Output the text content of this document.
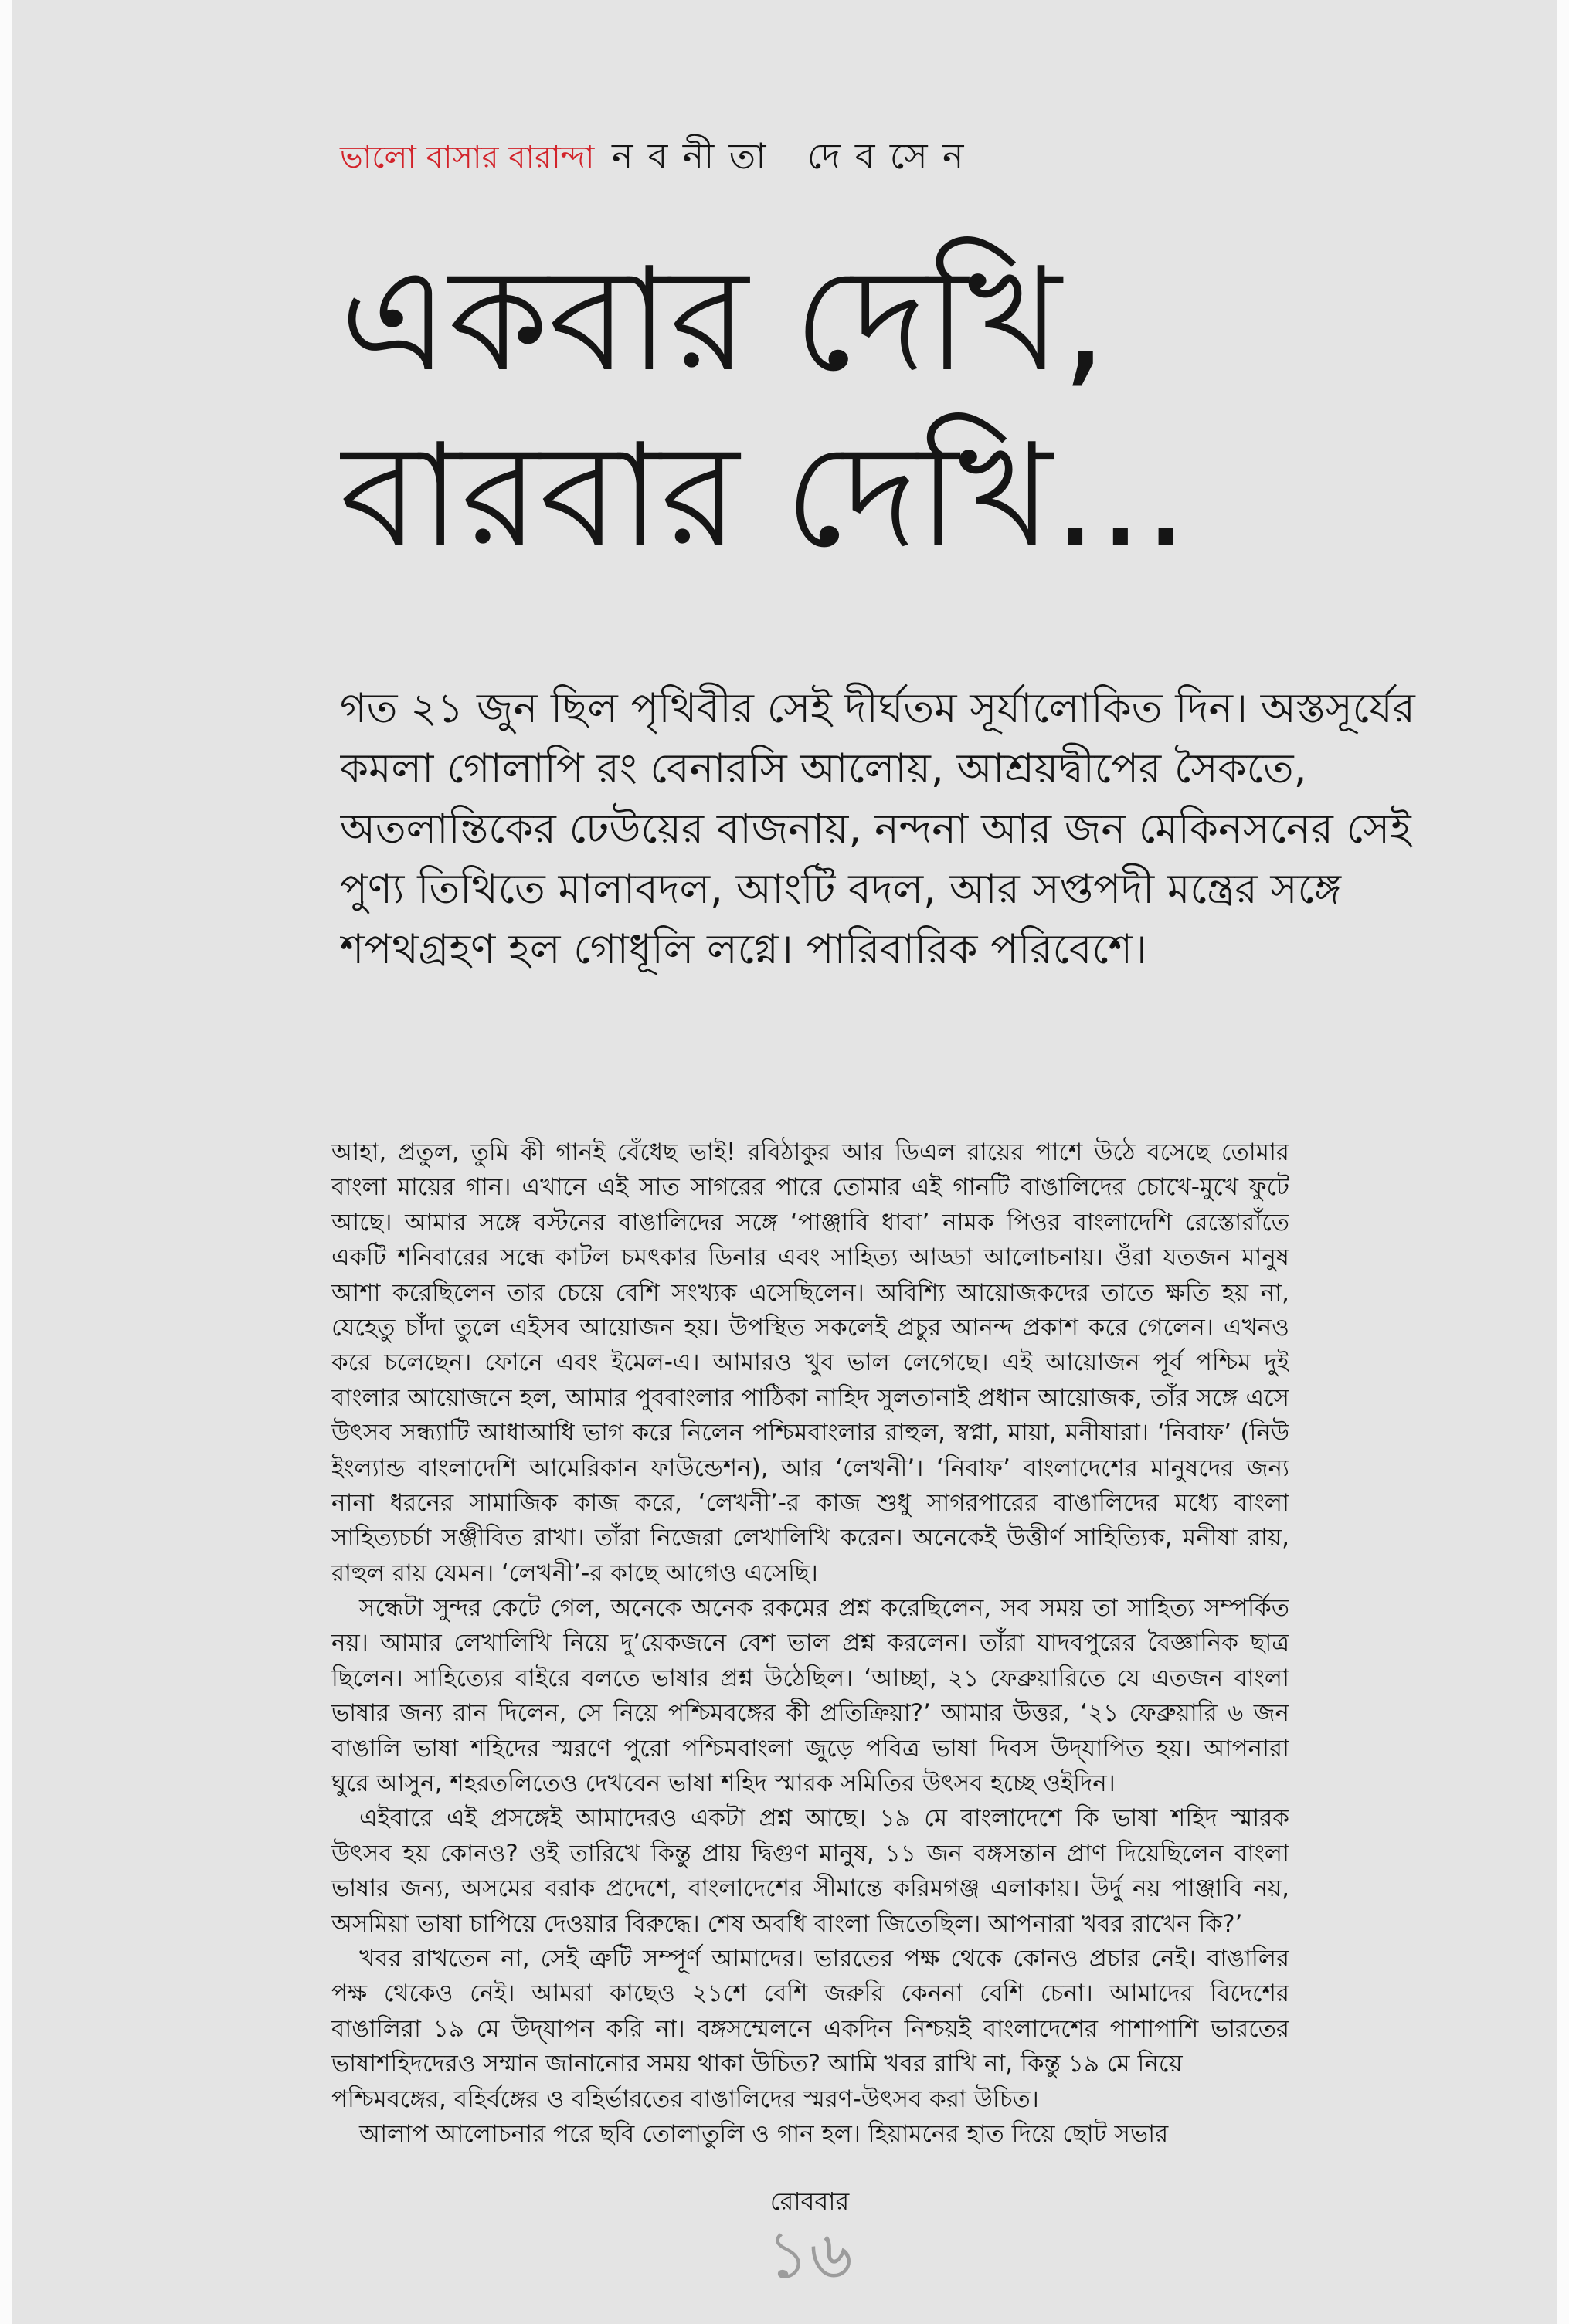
ভালো বাসার বারান্দা নবনীতা দেবসেন
একবার দেখি,
বারবার দেখি...
গত ২১ জুন ছিল পৃথিবীর সেই দীর্ঘতম সূর্যালোকিত দিন। অস্তসূর্যের
কমলা গোলাপি রং বেনারসি আলোয়, আশ্রয়দ্বীপের সৈকতে,
অতলান্তিকের ঢেউয়ের বাজনায়, নন্দনা আর জন মেকিনসনের সেই
পুণ্য তিথিতে মালাবদল, আংটি বদল, আর সপ্তপদী মন্ত্রের সঙ্গে
শপথগ্রহণ হল গোধূলি লগ্নে। পারিবারিক পরিবেশে।
আহা, প্রতুল, তুমি কী গানই বেঁধেছ ভাই! রবিঠাকুর আর ডিএল রায়ের পাশে উঠে বসেছে তোমার
বাংলা মায়ের গান। এখানে এই সাত সাগরের পারে তোমার এই গানটি বাঙালিদের চোখে-মুখে ফুটে
আছে। আমার সঙ্গে বস্টনের বাঙালিদের সঙ্গে ‘পাঞ্জাবি ধাবা’ নামক পিওর বাংলাদেশি রেস্তোরাঁতে
একটি শনিবারের সন্ধে কাটল চমৎকার ডিনার এবং সাহিত্য আড্ডা আলোচনায়। ওঁরা যতজন মানুষ
আশা করেছিলেন তার চেয়ে বেশি সংখ্যক এসেছিলেন। অবিশ্যি আয়োজকদের তাতে ক্ষতি হয় না,
যেহেতু চাঁদা তুলে এইসব আয়োজন হয়। উপস্থিত সকলেই প্রচুর আনন্দ প্রকাশ করে গেলেন। এখনও
করে চলেছেন। ফোনে এবং ইমেল-এ। আমারও খুব ভাল লেগেছে। এই আয়োজন পূর্ব পশ্চিম দুই
বাংলার আয়োজনে হল, আমার পুববাংলার পাঠিকা নাহিদ সুলতানাই প্রধান আয়োজক, তাঁর সঙ্গে এসে
উৎসব সন্ধ্যাটি আধাআধি ভাগ করে নিলেন পশ্চিমবাংলার রাহুল, স্বপ্না, মায়া, মনীষারা। ‘নিবাফ’ (নিউ
ইংল্যান্ড বাংলাদেশি আমেরিকান ফাউন্ডেশন), আর ‘লেখনী’। ‘নিবাফ’ বাংলাদেশের মানুষদের জন্য
নানা ধরনের সামাজিক কাজ করে, ‘লেখনী’-র কাজ শুধু সাগরপারের বাঙালিদের মধ্যে বাংলা
সাহিত্যচর্চা সঞ্জীবিত রাখা। তাঁরা নিজেরা লেখালিখি করেন। অনেকেই উত্তীর্ণ সাহিত্যিক, মনীষা রায়,
রাহুল রায় যেমন। ‘লেখনী’-র কাছে আগেও এসেছি।
সন্ধেটা সুন্দর কেটে গেল, অনেকে অনেক রকমের প্রশ্ন করেছিলেন, সব সময় তা সাহিত্য সম্পর্কিত
নয়। আমার লেখালিখি নিয়ে দু’য়েকজনে বেশ ভাল প্রশ্ন করলেন। তাঁরা যাদবপুরের বৈজ্ঞানিক ছাত্র
ছিলেন। সাহিত্যের বাইরে বলতে ভাষার প্রশ্ন উঠেছিল। ‘আচ্ছা, ২১ ফেব্রুয়ারিতে যে এতজন বাংলা
ভাষার জন্য রান দিলেন, সে নিয়ে পশ্চিমবঙ্গের কী প্রতিক্রিয়া?’ আমার উত্তর, ‘২১ ফেব্রুয়ারি ৬ জন
বাঙালি ভাষা শহিদের স্মরণে পুরো পশ্চিমবাংলা জুড়ে পবিত্র ভাষা দিবস উদ্‌যাপিত হয়। আপনারা
ঘুরে আসুন, শহরতলিতেও দেখবেন ভাষা শহিদ স্মারক সমিতির উৎসব হচ্ছে ওইদিন।
এইবারে এই প্রসঙ্গেই আমাদেরও একটা প্রশ্ন আছে। ১৯ মে বাংলাদেশে কি ভাষা শহিদ স্মারক
উৎসব হয় কোনও? ওই তারিখে কিন্তু প্রায় দ্বিগুণ মানুষ, ১১ জন বঙ্গসন্তান প্রাণ দিয়েছিলেন বাংলা
ভাষার জন্য, অসমের বরাক প্রদেশে, বাংলাদেশের সীমান্তে করিমগঞ্জ এলাকায়। উর্দু নয় পাঞ্জাবি নয়,
অসমিয়া ভাষা চাপিয়ে দেওয়ার বিরুদ্ধে। শেষ অবধি বাংলা জিতেছিল। আপনারা খবর রাখেন কি?’
খবর রাখতেন না, সেই ত্রুটি সম্পূর্ণ আমাদের। ভারতের পক্ষ থেকে কোনও প্রচার নেই। বাঙালির
পক্ষ থেকেও নেই। আমরা কাছেও ২১শে বেশি জরুরি কেননা বেশি চেনা। আমাদের বিদেশের
বাঙালিরা ১৯ মে উদ্‌যাপন করি না। বঙ্গসম্মেলনে একদিন নিশ্চয়ই বাংলাদেশের পাশাপাশি ভারতের
ভাষাশহিদদেরও সম্মান জানানোর সময় থাকা উচিত? আমি খবর রাখি না, কিন্তু ১৯ মে নিয়ে
পশ্চিমবঙ্গের, বহির্বঙ্গের ও বহির্ভারতের বাঙালিদের স্মরণ-উৎসব করা উচিত।
আলাপ আলোচনার পরে ছবি তোলাতুলি ও গান হল। হিয়ামনের হাত দিয়ে ছোট সভার
রোববার
১৬
